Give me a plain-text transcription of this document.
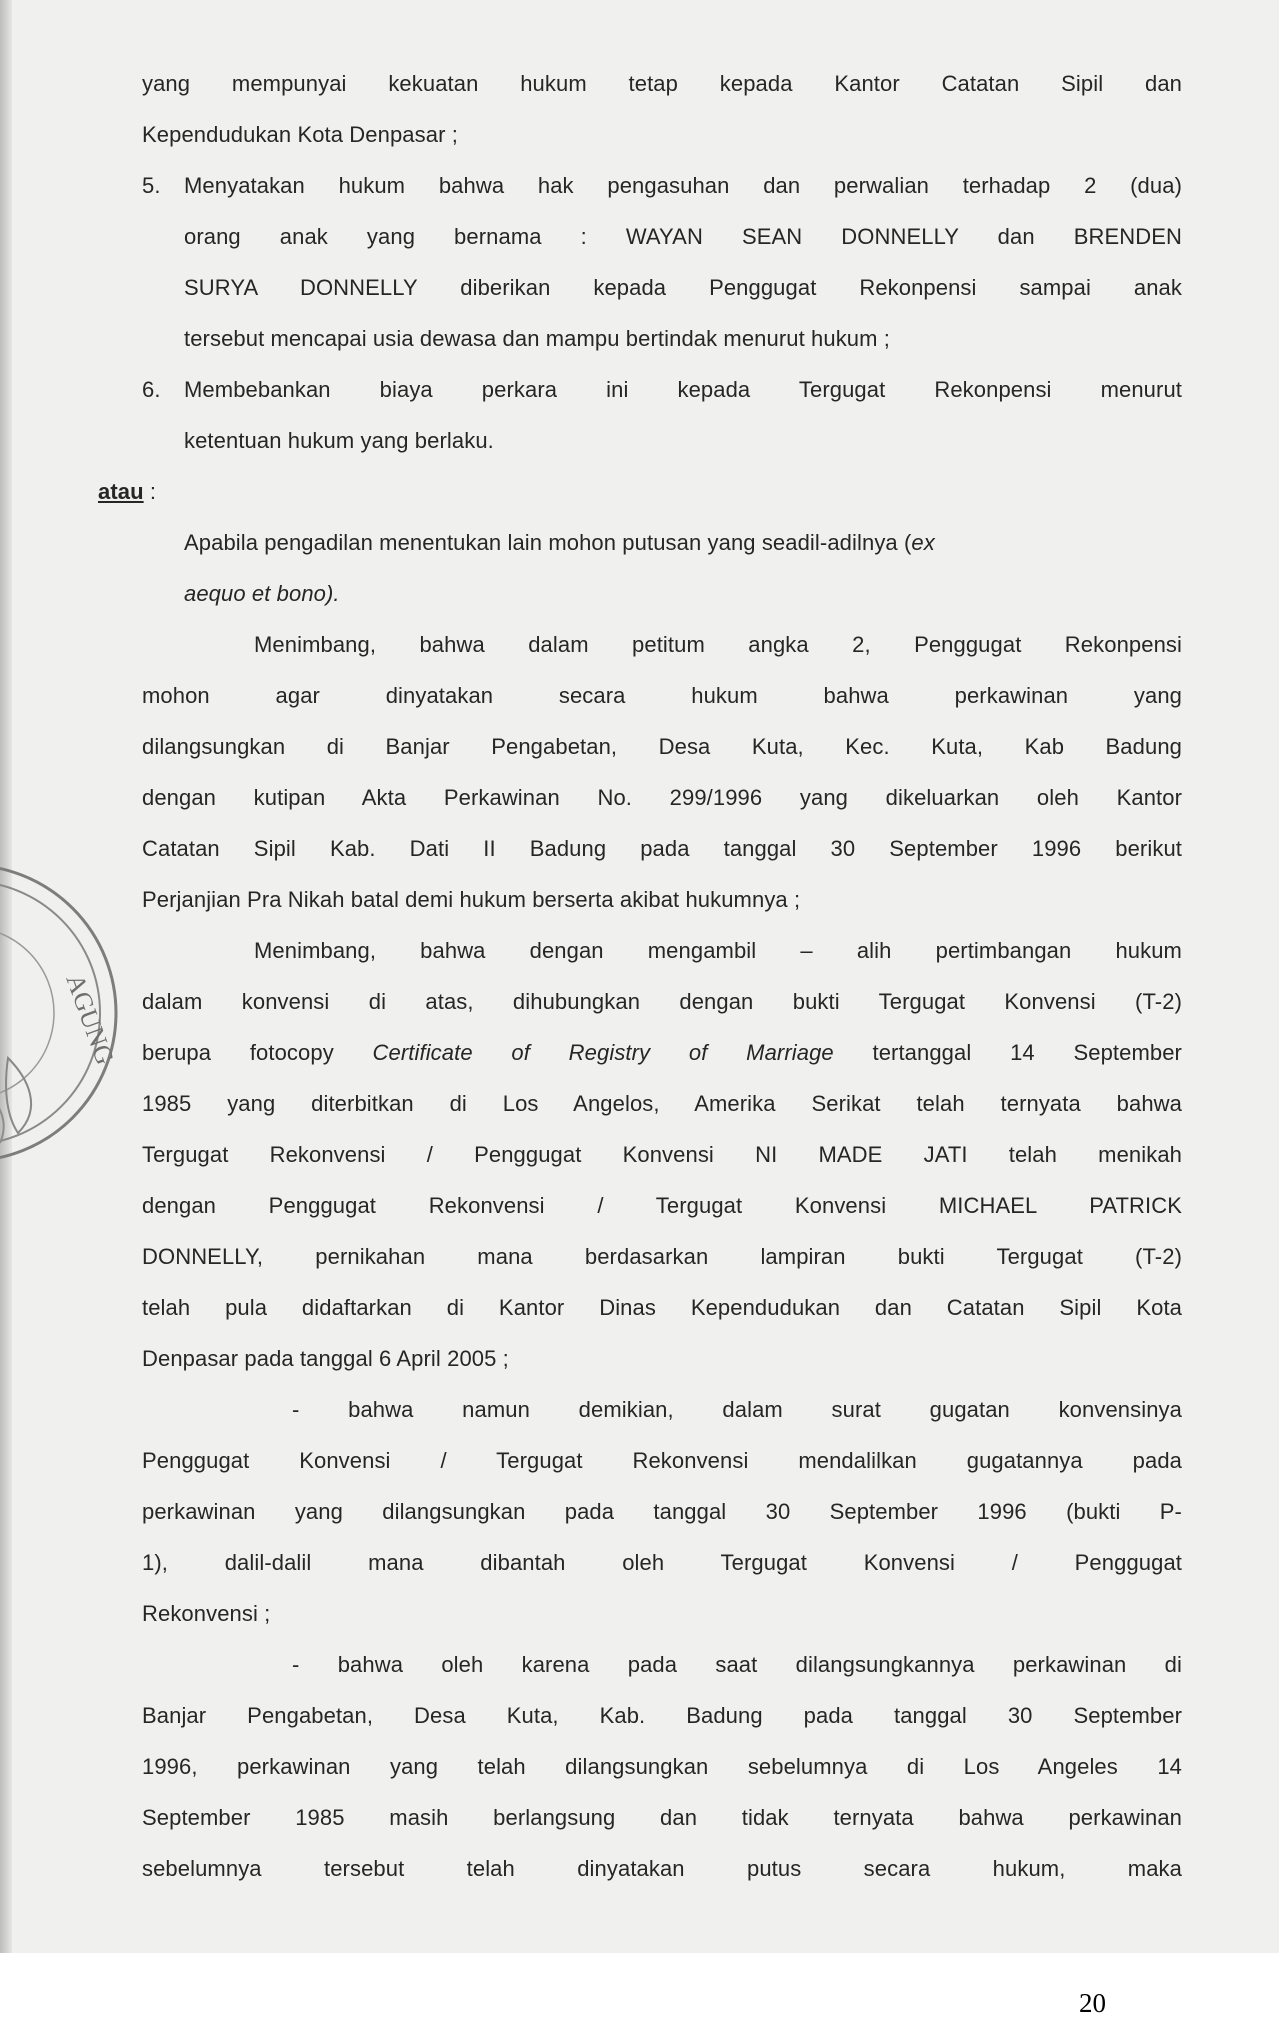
AGUNG
yang mempunyai kekuatan hukum tetap kepada Kantor Catatan Sipil dan
Kependudukan Kota Denpasar ;
5. Menyatakan hukum bahwa hak pengasuhan dan perwalian terhadap 2 (dua)
orang anak yang bernama : WAYAN SEAN DONNELLY dan BRENDEN
SURYA DONNELLY diberikan kepada Penggugat Rekonpensi sampai anak
tersebut mencapai usia dewasa dan mampu bertindak menurut hukum ;
6. Membebankan biaya perkara ini kepada Tergugat Rekonpensi menurut
ketentuan hukum yang berlaku.
atau :
Apabila pengadilan menentukan lain mohon putusan yang seadil-adilnya (ex
aequo et bono).
Menimbang, bahwa dalam petitum angka 2, Penggugat Rekonpensi
mohon agar dinyatakan secara hukum bahwa perkawinan yang
dilangsungkan di Banjar Pengabetan, Desa Kuta, Kec. Kuta, Kab Badung
dengan kutipan Akta Perkawinan No. 299/1996 yang dikeluarkan oleh Kantor
Catatan Sipil Kab. Dati II Badung pada tanggal 30 September 1996 berikut
Perjanjian Pra Nikah batal demi hukum berserta akibat hukumnya ;
Menimbang, bahwa dengan mengambil – alih pertimbangan hukum
dalam konvensi di atas, dihubungkan dengan bukti Tergugat Konvensi (T-2)
berupa fotocopy Certificate of Registry of Marriage tertanggal 14 September
1985 yang diterbitkan di Los Angelos, Amerika Serikat telah ternyata bahwa
Tergugat Rekonvensi / Penggugat Konvensi NI MADE JATI telah menikah
dengan Penggugat Rekonvensi / Tergugat Konvensi MICHAEL PATRICK
DONNELLY, pernikahan mana berdasarkan lampiran bukti Tergugat (T-2)
telah pula didaftarkan di Kantor Dinas Kependudukan dan Catatan Sipil Kota
Denpasar pada tanggal 6 April 2005 ;
- bahwa namun demikian, dalam surat gugatan konvensinya
Penggugat Konvensi / Tergugat Rekonvensi mendalilkan gugatannya pada
perkawinan yang dilangsungkan pada tanggal 30 September 1996 (bukti P-
1), dalil-dalil mana dibantah oleh Tergugat Konvensi / Penggugat
Rekonvensi ;
- bahwa oleh karena pada saat dilangsungkannya perkawinan di
Banjar Pengabetan, Desa Kuta, Kab. Badung pada tanggal 30 September
1996, perkawinan yang telah dilangsungkan sebelumnya di Los Angeles 14
September 1985 masih berlangsung dan tidak ternyata bahwa perkawinan
sebelumnya tersebut telah dinyatakan putus secara hukum, maka
20
